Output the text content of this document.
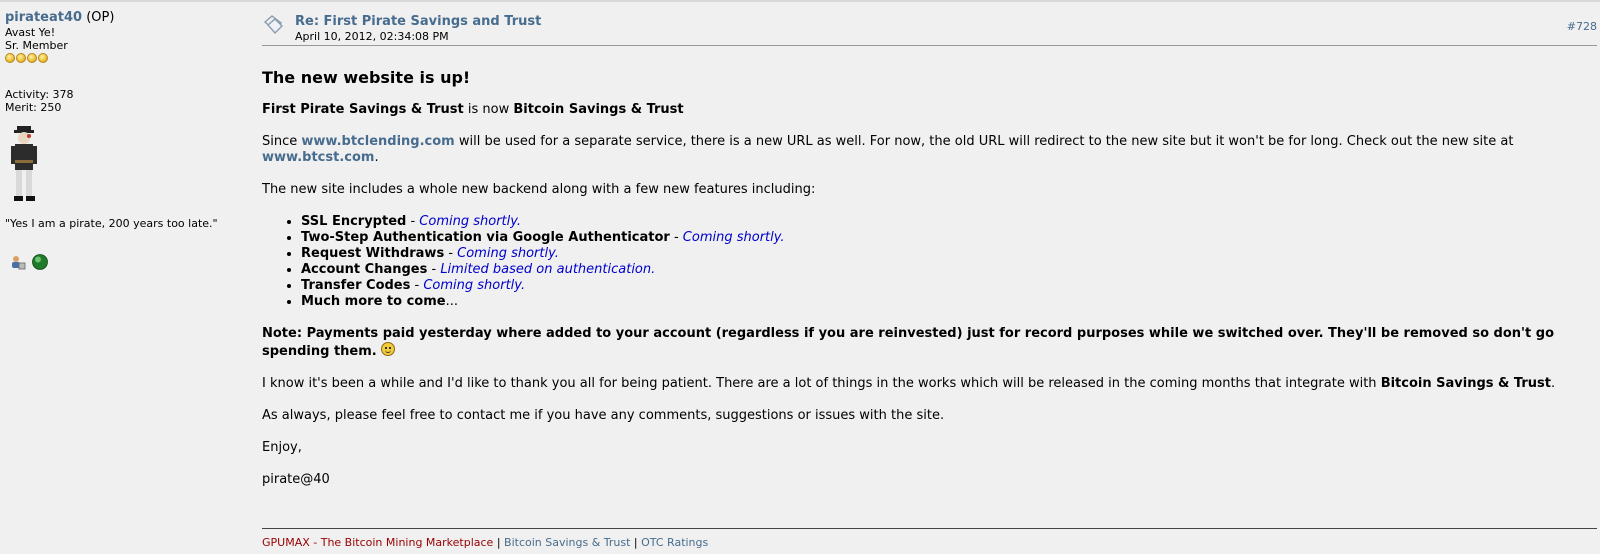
pirateat40 (OP)
Avast Ye!
Sr. Member
Activity: 378
Merit: 250
"Yes I am a pirate, 200 years too late."
Re: First Pirate Savings and Trust
April 10, 2012, 02:34:08 PM
#728
The new website is up!

First Pirate Savings & Trust is now Bitcoin Savings & Trust

Since www.btclending.com will be used for a separate service, there is a new URL as well. For now, the old URL will redirect to the new site but it won't be for long. Check out the new site at www.btcst.com.

The new site includes a whole new backend along with a few new features including:

• SSL Encrypted - Coming shortly.
• Two-Step Authentication via Google Authenticator - Coming shortly.
• Request Withdraws - Coming shortly.
• Account Changes - Limited based on authentication.
• Transfer Codes - Coming shortly.
• Much more to come...

Note: Payments paid yesterday where added to your account (regardless if you are reinvested) just for record purposes while we switched over. They'll be removed so don't go spending them.

I know it's been a while and I'd like to thank you all for being patient. There are a lot of things in the works which will be released in the coming months that integrate with Bitcoin Savings & Trust.

As always, please feel free to contact me if you have any comments, suggestions or issues with the site.

Enjoy,

pirate@40

GPUMAX - The Bitcoin Mining Marketplace | Bitcoin Savings & Trust | OTC Ratings
